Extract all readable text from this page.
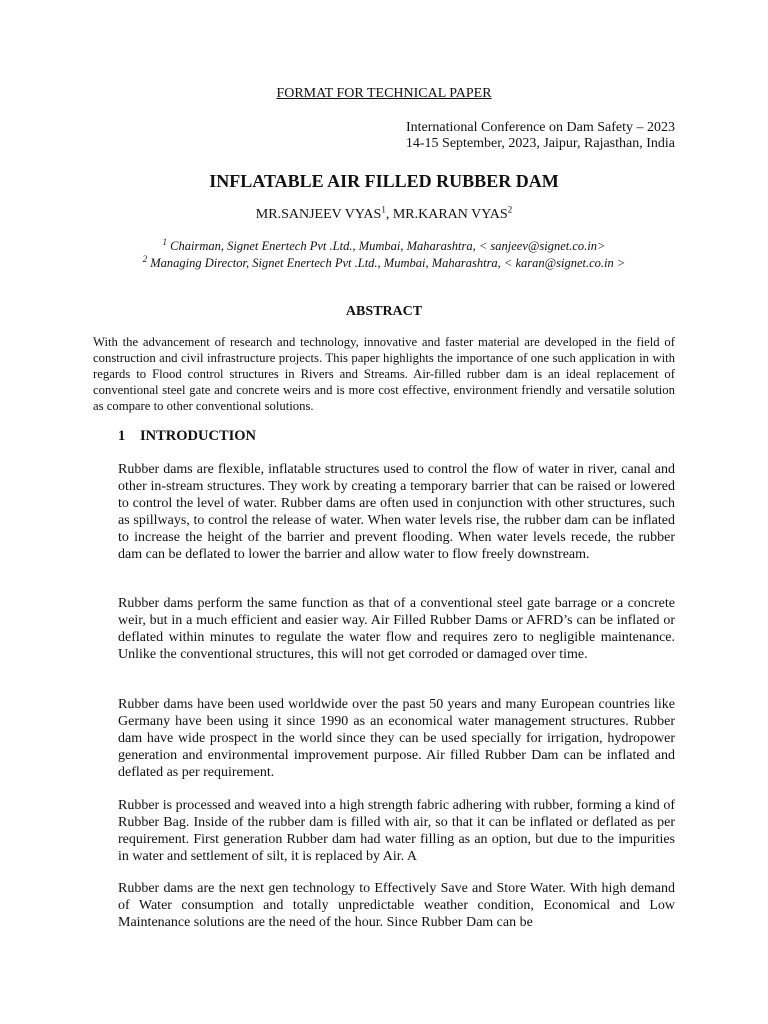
FORMAT FOR TECHNICAL PAPER
International Conference on Dam Safety – 2023
14-15 September, 2023, Jaipur, Rajasthan, India
INFLATABLE AIR FILLED RUBBER DAM
MR.SANJEEV VYAS$^1$, MR.KARAN VYAS$^2$
$^1$ Chairman, Signet Enertech Pvt .Ltd., Mumbai, Maharashtra, < sanjeev@signet.co.in>
$^2$ Managing Director, Signet Enertech Pvt .Ltd., Mumbai, Maharashtra, < karan@signet.co.in >
ABSTRACT
With the advancement of research and technology, innovative and faster material are developed in the field of construction and civil infrastructure projects. This paper highlights the importance of one such application in with regards to Flood control structures in Rivers and Streams. Air-filled rubber dam is an ideal replacement of conventional steel gate and concrete weirs and is more cost effective, environment friendly and versatile solution as compare to other conventional solutions.
1 INTRODUCTION
Rubber dams are flexible, inflatable structures used to control the flow of water in river, canal and other in-stream structures. They work by creating a temporary barrier that can be raised or lowered to control the level of water. Rubber dams are often used in conjunction with other structures, such as spillways, to control the release of water. When water levels rise, the rubber dam can be inflated to increase the height of the barrier and prevent flooding. When water levels recede, the rubber dam can be deflated to lower the barrier and allow water to flow freely downstream.
Rubber dams perform the same function as that of a conventional steel gate barrage or a concrete weir, but in a much efficient and easier way. Air Filled Rubber Dams or AFRD’s can be inflated or deflated within minutes to regulate the water flow and requires zero to negligible maintenance. Unlike the conventional structures, this will not get corroded or damaged over time.
Rubber dams have been used worldwide over the past 50 years and many European countries like Germany have been using it since 1990 as an economical water management structures. Rubber dam have wide prospect in the world since they can be used specially for irrigation, hydropower generation and environmental improvement purpose. Air filled Rubber Dam can be inflated and deflated as per requirement.
Rubber is processed and weaved into a high strength fabric adhering with rubber, forming a kind of Rubber Bag. Inside of the rubber dam is filled with air, so that it can be inflated or deflated as per requirement. First generation Rubber dam had water filling as an option, but due to the impurities in water and settlement of silt, it is replaced by Air. A
Rubber dams are the next gen technology to Effectively Save and Store Water. With high demand of Water consumption and totally unpredictable weather condition, Economical and Low Maintenance solutions are the need of the hour. Since Rubber Dam can be
